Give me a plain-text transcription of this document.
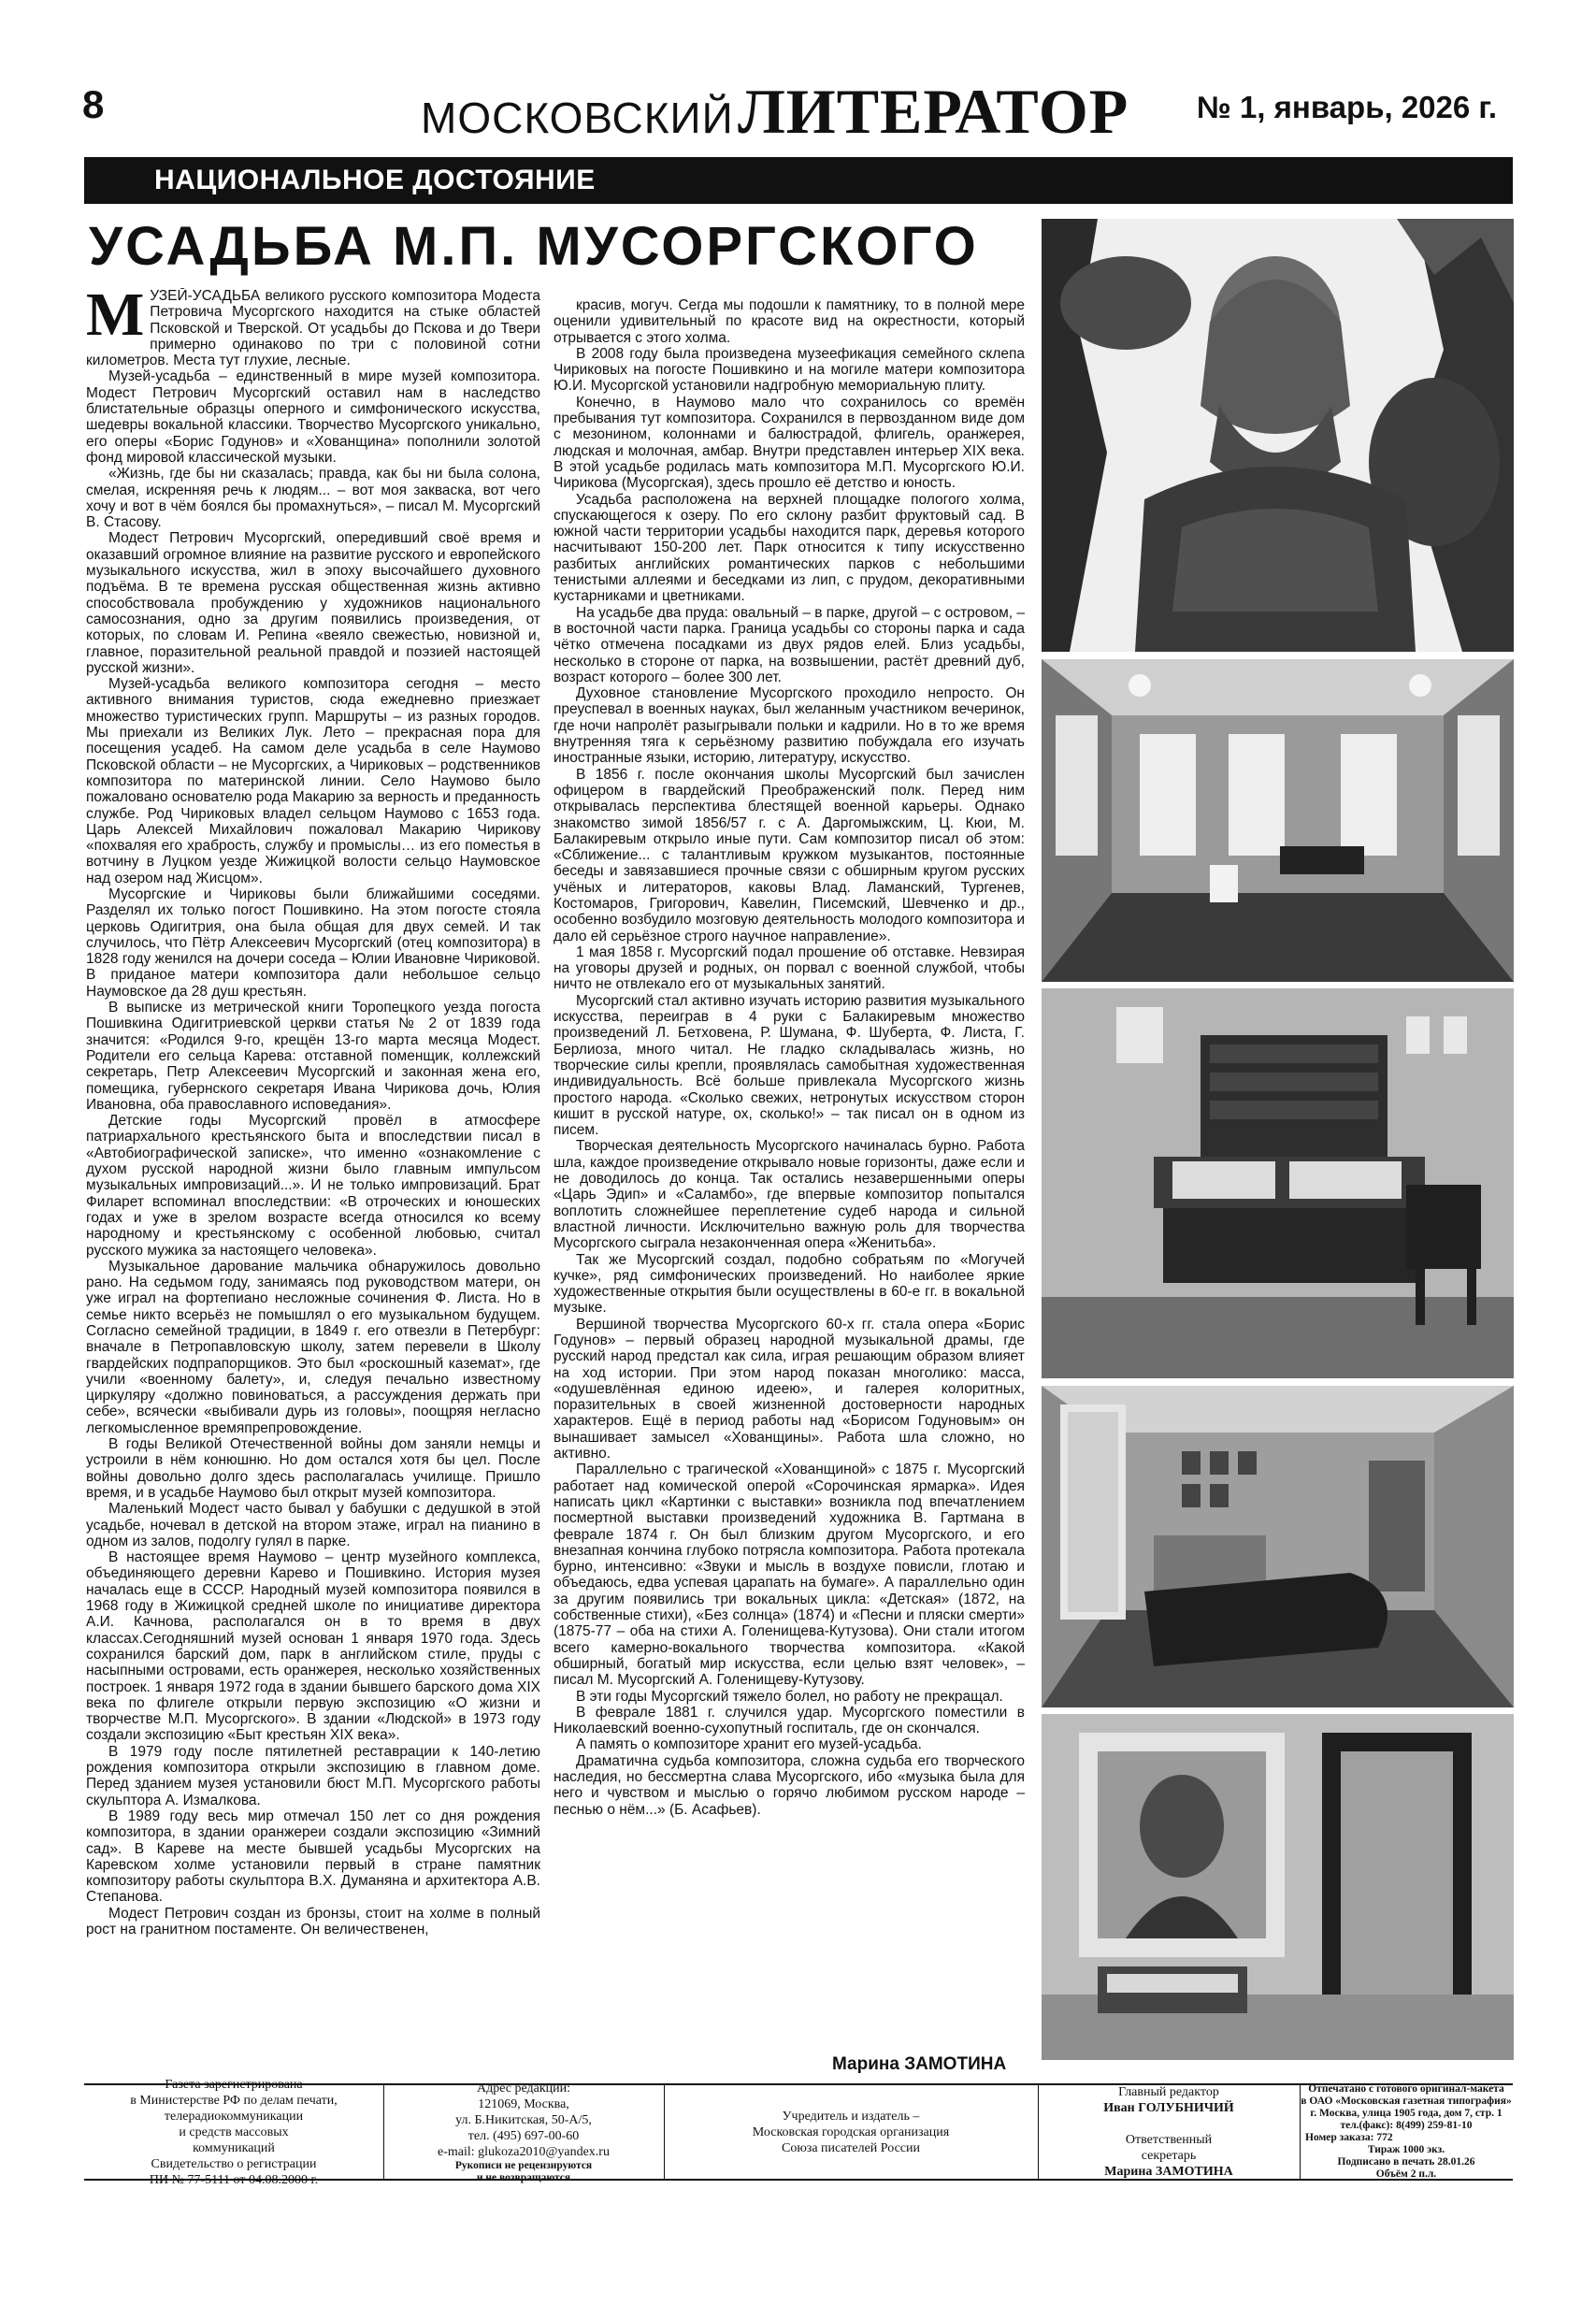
8	МОСКОВСКИЙ ЛИТЕРАТОР № 1, январь, 2026 г.
НАЦИОНАЛЬНОЕ ДОСТОЯНИЕ
УСАДЬБА М.П. МУСОРГСКОГО

МУЗЕЙ-УСАДЬБА великого русского композитора Модеста Петровича Мусоргского находится на стыке областей Псковской и Тверской. От усадьбы до Пскова и до Твери примерно одинаково по три с половиной сотни километров. Места тут глухие, лесные.

Музей-усадьба – единственный в мире музей композитора. Модест Петрович Мусоргский оставил нам в наследство блистательные образцы оперного и симфонического искусства, шедевры вокальной классики. Творчество Мусоргского уникально, его оперы «Борис Годунов» и «Хованщина» пополнили золотой фонд мировой классической музыки.

«Жизнь, где бы ни сказалась; правда, как бы ни была солона, смелая, искренняя речь к людям... – вот моя закваска, вот чего хочу и вот в чём боялся бы промахнуться», – писал М. Мусоргский В. Стасову.

Модест Петрович Мусоргский, опередивший своё время и оказавший огромное влияние на развитие русского и европейского музыкального искусства, жил в эпоху высочайшего духовного подъёма. В те времена русская общественная жизнь активно способствовала пробуждению у художников национального самосознания, одно за другим появились произведения, от которых, по словам И. Репина «веяло свежестью, новизной и, главное, поразительной реальной правдой и поэзией настоящей русской жизни».

Музей-усадьба великого композитора сегодня – место активного внимания туристов, сюда ежедневно приезжает множество туристических групп. Маршруты – из разных городов. Мы приехали из Великих Лук. Лето – прекрасная пора для посещения усадеб. На самом деле усадьба в селе Наумово Псковской области – не Мусоргских, а Чириковых – родственников композитора по материнской линии. Село Наумово было пожаловано основателю рода Макарию за верность и преданность службе. Род Чириковых владел сельцом Наумово с 1653 года. Царь Алексей Михайлович пожаловал Макарию Чирикову «похваляя его храбрость, службу и промыслы… из его поместья в вотчину в Луцком уезде Жижицкой волости сельцо Наумовское над озером над Жисцом».

Мусоргские и Чириковы были ближайшими соседями. Разделял их только погост Пошивкино. На этом погосте стояла церковь Одигитрия, она была общая для двух семей. И так случилось, что Пётр Алексеевич Мусоргский (отец композитора) в 1828 году женился на дочери соседа – Юлии Ивановне Чириковой. В приданое матери композитора дали небольшое сельцо Наумовское да 28 душ крестьян.

В выписке из метрической книги Торопецкого уезда погоста Пошивкина Одигитриевской церкви статья № 2 от 1839 года значится: «Родился 9-го, крещён 13-го марта месяца Модест. Родители его сельца Карева: отставной поменщик, коллежский секретарь, Петр Алексеевич Мусоргский и законная жена его, помещика, губернского секретаря Ивана Чирикова дочь, Юлия Ивановна, оба православного исповедания».

Детские годы Мусоргский провёл в атмосфере патриархального крестьянского быта и впоследствии писал в «Автобиографической записке», что именно «ознакомление с духом русской народной жизни было главным импульсом музыкальных импровизаций...». И не только импровизаций. Брат Филарет вспоминал впоследствии: «В отроческих и юношеских годах и уже в зрелом возрасте всегда относился ко всему народному и крестьянскому с особенной любовью, считал русского мужика за настоящего человека».

Музыкальное дарование мальчика обнаружилось довольно рано. На седьмом году, занимаясь под руководством матери, он уже играл на фортепиано несложные сочинения Ф. Листа. Но в семье никто всерьёз не помышлял о его музыкальном будущем. Согласно семейной традиции, в 1849 г. его отвезли в Петербург: вначале в Петропавловскую школу, затем перевели в Школу гвардейских подпрапорщиков. Это был «роскошный каземат», где учили «военному балету», и, следуя печально известному циркуляру «должно повиноваться, а рассуждения держать при себе», всячески «выбивали дурь из головы», поощряя негласно легкомысленное времяпрепровождение.

В годы Великой Отечественной войны дом заняли немцы и устроили в нём конюшню. Но дом остался хотя бы цел. После войны довольно долго здесь располагалась училище. Пришло время, и в усадьбе Наумово был открыт музей композитора.

Маленький Модест часто бывал у бабушки с дедушкой в этой усадьбе, ночевал в детской на втором этаже, играл на пианино в одном из залов, подолгу гулял в парке.

В настоящее время Наумово – центр музейного комплекса, объединяющего деревни Карево и Пошивкино. История музея началась еще в СССР. Народный музей композитора появился в 1968 году в Жижицкой средней школе по инициативе директора А.И. Качнова, располагался он в то время в двух классах.Сегодняшний музей основан 1 января 1970 года. Здесь сохранился барский дом, парк в английском стиле, пруды с насыпными островами, есть оранжерея, несколько хозяйственных построек. 1 января 1972 года в здании бывшего барского дома XIX века по флигеле открыли первую экспозицию «О жизни и творчестве М.П. Мусоргского». В здании «Людской» в 1973 году создали экспозицию «Быт крестьян XIX века».

В 1979 году после пятилетней реставрации к 140-летию рождения композитора открыли экспозицию в главном доме. Перед зданием музея установили бюст М.П. Мусоргского работы скульптора А. Измалкова.

В 1989 году весь мир отмечал 150 лет со дня рождения композитора, в здании оранжереи создали экспозицию «Зимний сад». В Кареве на месте бывшей усадьбы Мусоргских на Каревском холме установили первый в стране памятник композитору работы скульптора В.Х. Думаняна и архитектора А.В. Степанова.

Модест Петрович создан из бронзы, стоит на холме в полный рост на гранитном постаменте. Он величественен,

красив, могуч. Сегда мы подошли к памятнику, то в полной мере оценили удивительный по красоте вид на окрестности, который отрывается с этого холма.

В 2008 году была произведена музеефикация семейного склепа Чириковых на погосте Пошивкино и на могиле матери композитора Ю.И. Мусоргской установили надгробную мемориальную плиту.

Конечно, в Наумово мало что сохранилось со времён пребывания тут композитора. Сохранился в первозданном виде дом с мезонином, колоннами и балюстрадой, флигель, оранжерея, людская и молочная, амбар. Внутри представлен интерьер XIX века. В этой усадьбе родилась мать композитора М.П. Мусоргского Ю.И. Чирикова (Мусоргская), здесь прошло её детство и юность.

Усадьба расположена на верхней площадке пологого холма, спускающегося к озеру. По его склону разбит фруктовый сад. В южной части территории усадьбы находится парк, деревья которого насчитывают 150-200 лет. Парк относится к типу искусственно разбитых английских романтических парков с небольшими тенистыми аллеями и беседками из лип, с прудом, декоративными кустарниками и цветниками.

На усадьбе два пруда: овальный – в парке, другой – с островом, – в восточной части парка. Граница усадьбы со стороны парка и сада чётко отмечена посадками из двух рядов елей. Близ усадьбы, несколько в стороне от парка, на возвышении, растёт древний дуб, возраст которого – более 300 лет.

Духовное становление Мусоргского проходило непросто. Он преуспевал в военных науках, был желанным участником вечеринок, где ночи напролёт разыгрывали польки и кадрили. Но в то же время внутренняя тяга к серьёзному развитию побуждала его изучать иностранные языки, историю, литературу, искусство.

В 1856 г. после окончания школы Мусоргский был зачислен офицером в гвардейский Преображенский полк. Перед ним открывалась перспектива блестящей военной карьеры. Однако знакомство зимой 1856/57 г. с А. Даргомыжским, Ц. Кюи, М. Балакиревым открыло иные пути. Сам композитор писал об этом: «Сближение... с талантливым кружком музыкантов, постоянные беседы и завязавшиеся прочные связи с обширным кругом русских учёных и литераторов, каковы Влад. Ламанский, Тургенев, Костомаров, Григорович, Кавелин, Писемский, Шевченко и др., особенно возбудило мозговую деятельность молодого композитора и дало ей серьёзное строго научное направление».

1 мая 1858 г. Мусоргский подал прошение об отставке. Невзирая на уговоры друзей и родных, он порвал с военной службой, чтобы ничто не отвлекало его от музыкальных занятий.

Мусоргский стал активно изучать историю развития музыкального искусства, переиграв в 4 руки с Балакиревым множество произведений Л. Бетховена, Р. Шумана, Ф. Шуберта, Ф. Листа, Г. Берлиоза, много читал. Не гладко складывалась жизнь, но творческие силы крепли, проявлялась самобытная художественная индивидуальность. Всё больше привлекала Мусоргского жизнь простого народа. «Сколько свежих, нетронутых искусством сторон кишит в русской натуре, ох, сколько!» – так писал он в одном из писем.

Творческая деятельность Мусоргского начиналась бурно. Работа шла, каждое произведение открывало новые горизонты, даже если и не доводилось до конца. Так остались незавершенными оперы «Царь Эдип» и «Саламбо», где впервые композитор попытался воплотить сложнейшее переплетение судеб народа и сильной властной личности. Исключительно важную роль для творчества Мусоргского сыграла незаконченная опера «Женитьба».

Так же Мусоргский создал, подобно собратьям по «Могучей кучке», ряд симфонических произведений. Но наиболее яркие художественные открытия были осуществлены в 60-е гг. в вокальной музыке.

Вершиной творчества Мусоргского 60-х гг. стала опера «Борис Годунов» – первый образец народной музыкальной драмы, где русский народ предстал как сила, играя решающим образом влияет на ход истории. При этом народ показан многолико: масса, «одушевлённая единою идеею», и галерея колоритных, поразительных в своей жизненной достоверности народных характеров. Ещё в период работы над «Борисом Годуновым» он вынашивает замысел «Хованщины». Работа шла сложно, но активно.

Параллельно с трагической «Хованщиной» с 1875 г. Мусоргский работает над комической оперой «Сорочинская ярмарка». Идея написать цикл «Картинки с выставки» возникла под впечатлением посмертной выставки произведений художника В. Гартмана в феврале 1874 г. Он был близким другом Мусоргского, и его внезапная кончина глубоко потрясла композитора. Работа протекала бурно, интенсивно: «Звуки и мысль в воздухе повисли, глотаю и объедаюсь, едва успевая царапать на бумаге». А параллельно один за другим появились три вокальных цикла: «Детская» (1872, на собственные стихи), «Без солнца» (1874) и «Песни и пляски смерти» (1875-77 – оба на стихи А. Голенищева-Кутузова). Они стали итогом всего камерно-вокального творчества композитора. «Какой обширный, богатый мир искусства, если целью взят человек», – писал М. Мусоргский А. Голенищеву-Кутузову.

В эти годы Мусоргский тяжело болел, но работу не прекращал.

В феврале 1881 г. случился удар. Мусоргского поместили в Николаевский военно-сухопутный госпиталь, где он скончался.

А память о композиторе хранит его музей-усадьба.

Драматична судьба композитора, сложна судьба его творческого наследия, но бессмертна слава Мусоргского, ибо «музыка была для него и чувством и мыслью о горячо любимом русском народе – песнью о нём...» (Б. Асафьев).

Марина ЗАМОТИНА
Газета зарегистрирована
в Министерстве РФ по делам печати,
телерадиокоммуникации
и средств массовых
коммуникаций
Свидетельство о регистрации
ПИ № 77-5111 от 04.08.2000 г.
Адрес редакции:
121069, Москва,
ул. Б.Никитская, 50-А/5,
тел. (495) 697-00-60
e-mail: glukoza2010@yandex.ru
Рукописи не рецензируются
и не возвращаются
Учредитель и издатель –
Московская городская организация
Союза писателей России
Главный редактор
Иван ГОЛУБНИЧИЙ

Ответственный
секретарь
Марина ЗАМОТИНА
Отпечатано с готового оригинал-макета
в ОАО «Московская газетная типография»
г. Москва, улица 1905 года, дом 7, стр. 1
тел.(факс): 8(499) 259-81-10
Номер заказа: 772
Тираж 1000 экз.
Подписано в печать 28.01.26
Объём 2 п.л.
